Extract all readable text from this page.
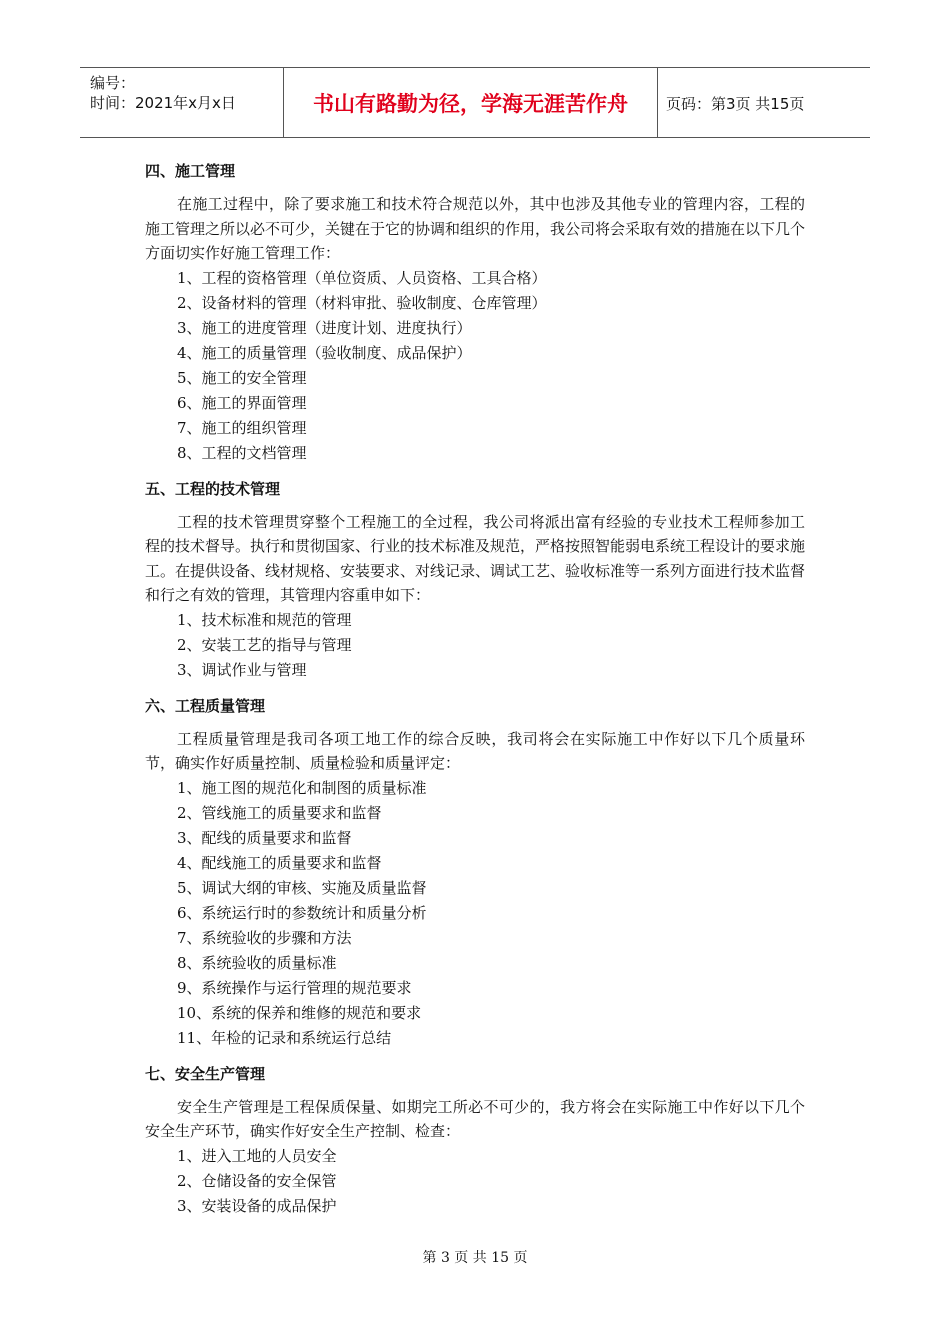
编号：
时间：2021年x月x日	书山有路勤为径，学海无涯苦作舟	页码：第3页 共15页
四、施工管理
在施工过程中，除了要求施工和技术符合规范以外，其中也涉及其他专业的管理内容，工程的施工管理之所以必不可少，关键在于它的协调和组织的作用，我公司将会采取有效的措施在以下几个方面切实作好施工管理工作：
1、工程的资格管理（单位资质、人员资格、工具合格）
2、设备材料的管理（材料审批、验收制度、仓库管理）
3、施工的进度管理（进度计划、进度执行）
4、施工的质量管理（验收制度、成品保护）
5、施工的安全管理
6、施工的界面管理
7、施工的组织管理
8、工程的文档管理
五、工程的技术管理
工程的技术管理贯穿整个工程施工的全过程，我公司将派出富有经验的专业技术工程师参加工程的技术督导。执行和贯彻国家、行业的技术标准及规范，严格按照智能弱电系统工程设计的要求施工。在提供设备、线材规格、安装要求、对线记录、调试工艺、验收标准等一系列方面进行技术监督和行之有效的管理，其管理内容重申如下：
1、技术标准和规范的管理
2、安装工艺的指导与管理
3、调试作业与管理
六、工程质量管理
工程质量管理是我司各项工地工作的综合反映，我司将会在实际施工中作好以下几个质量环节，确实作好质量控制、质量检验和质量评定：
1、施工图的规范化和制图的质量标准
2、管线施工的质量要求和监督
3、配线的质量要求和监督
4、配线施工的质量要求和监督
5、调试大纲的审核、实施及质量监督
6、系统运行时的参数统计和质量分析
7、系统验收的步骤和方法
8、系统验收的质量标准
9、系统操作与运行管理的规范要求
10、系统的保养和维修的规范和要求
11、年检的记录和系统运行总结
七、安全生产管理
安全生产管理是工程保质保量、如期完工所必不可少的，我方将会在实际施工中作好以下几个安全生产环节，确实作好安全生产控制、检查：
1、进入工地的人员安全
2、仓储设备的安全保管
3、安装设备的成品保护
第 3 页 共 15 页
